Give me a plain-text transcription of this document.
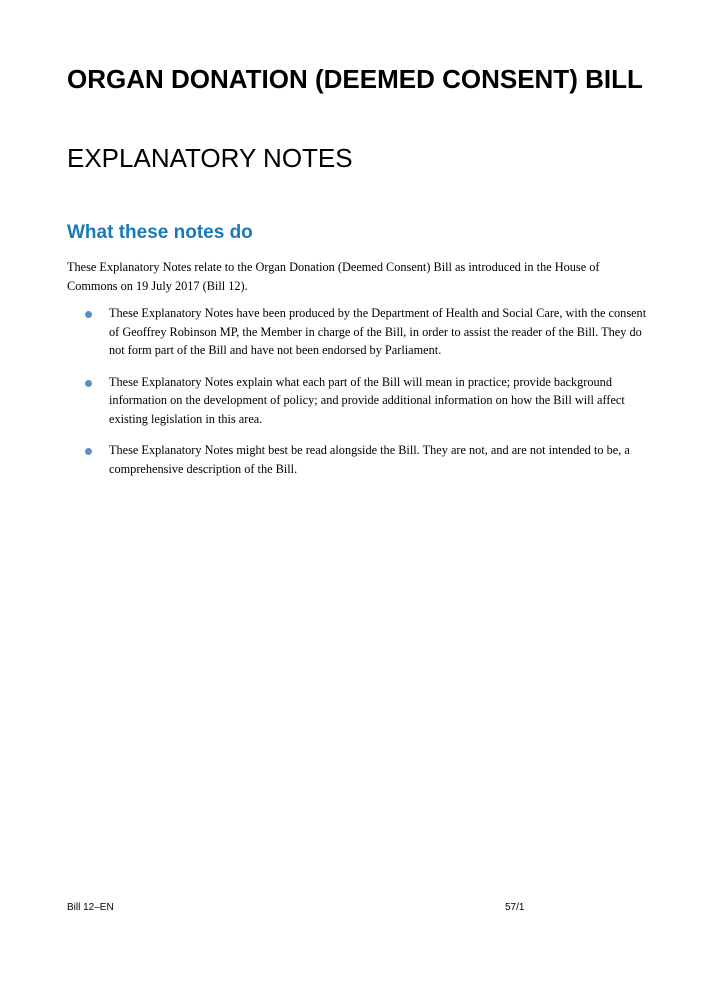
ORGAN DONATION (DEEMED CONSENT) BILL
EXPLANATORY NOTES
What these notes do

These Explanatory Notes relate to the Organ Donation (Deemed Consent) Bill as introduced in the House of Commons on 19 July 2017 (Bill 12).

These Explanatory Notes have been produced by the Department of Health and Social Care, with the consent of Geoffrey Robinson MP, the Member in charge of the Bill, in order to assist the reader of the Bill. They do not form part of the Bill and have not been endorsed by Parliament.
These Explanatory Notes explain what each part of the Bill will mean in practice; provide background information on the development of policy; and provide additional information on how the Bill will affect existing legislation in this area.
These Explanatory Notes might best be read alongside the Bill. They are not, and are not intended to be, a comprehensive description of the Bill.
Bill 12–EN	57/1
